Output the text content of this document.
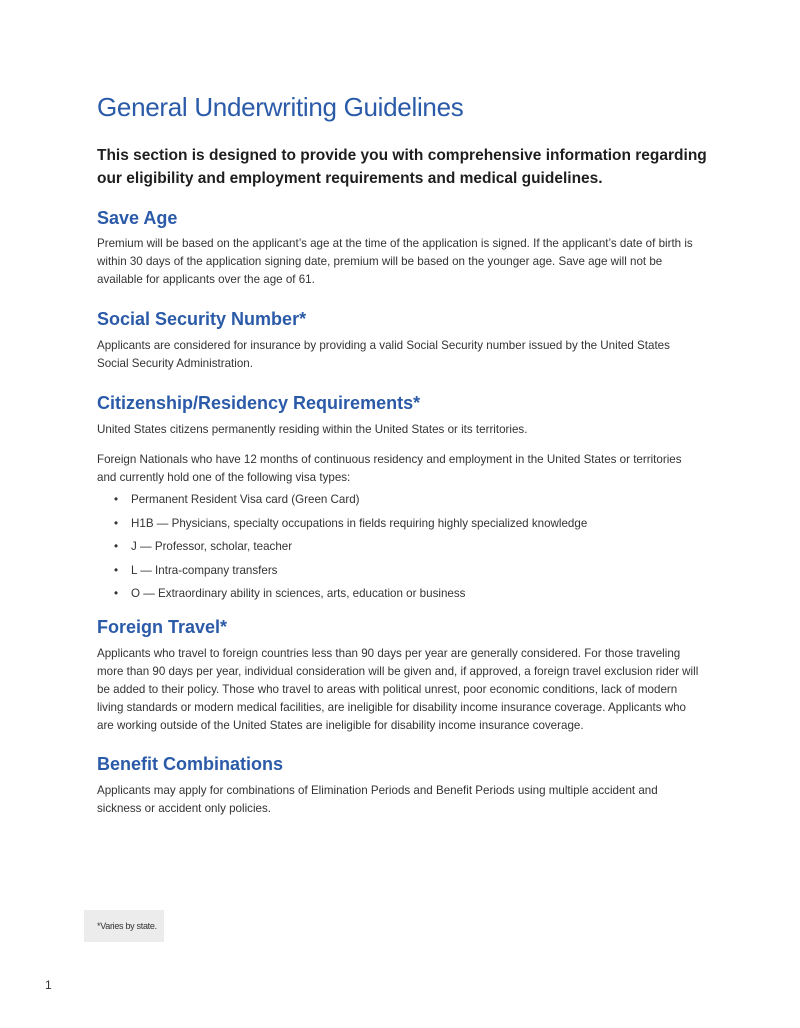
General Underwriting Guidelines

This section is designed to provide you with comprehensive information regarding our eligibility and employment requirements and medical guidelines.

Save Age

Premium will be based on the applicant’s age at the time of the application is signed. If the applicant’s date of birth is within 30 days of the application signing date, premium will be based on the younger age. Save age will not be available for applicants over the age of 61.

Social Security Number*

Applicants are considered for insurance by providing a valid Social Security number issued by the United States Social Security Administration.

Citizenship/Residency Requirements*

United States citizens permanently residing within the United States or its territories.

Foreign Nationals who have 12 months of continuous residency and employment in the United States or territories and currently hold one of the following visa types:

• Permanent Resident Visa card (Green Card)
• H1B — Physicians, specialty occupations in fields requiring highly specialized knowledge
• J — Professor, scholar, teacher
• L — Intra-company transfers
• O — Extraordinary ability in sciences, arts, education or business
Foreign Travel*

Applicants who travel to foreign countries less than 90 days per year are generally considered. For those traveling more than 90 days per year, individual consideration will be given and, if approved, a foreign travel exclusion rider will be added to their policy. Those who travel to areas with political unrest, poor economic conditions, lack of modern living standards or modern medical facilities, are ineligible for disability income insurance coverage. Applicants who are working outside of the United States are ineligible for disability income insurance coverage.

Benefit Combinations

Applicants may apply for combinations of Elimination Periods and Benefit Periods using multiple accident and sickness or accident only policies.

*Varies by state.
1
